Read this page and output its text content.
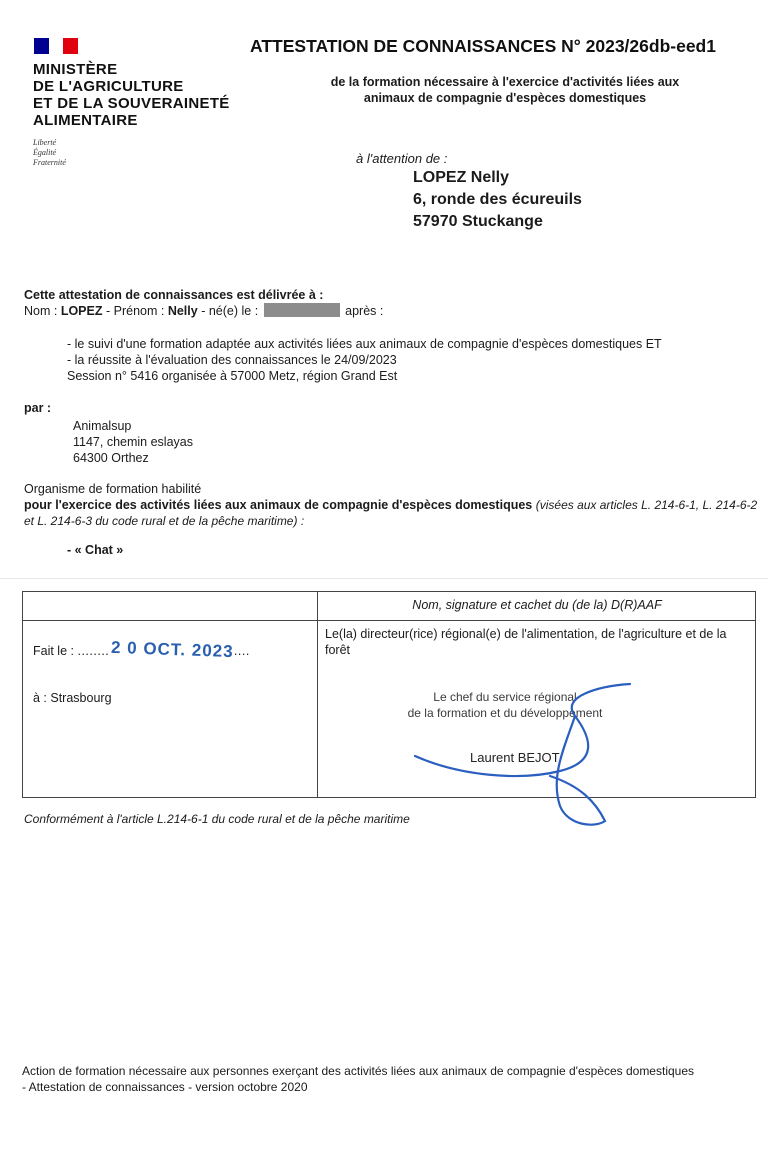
MINISTÈRE
DE L'AGRICULTURE
ET DE LA SOUVERAINETÉ
ALIMENTAIRE
Liberté
Égalité
Fraternité
ATTESTATION DE CONNAISSANCES N° 2023/26db-eed1
de la formation nécessaire à l'exercice d'activités liées aux
animaux de compagnie d'espèces domestiques
à l'attention de :
LOPEZ Nelly
6, ronde des écureuils
57970 Stuckange
Cette attestation de connaissances est délivrée à :
Nom : LOPEZ - Prénom : Nelly - né(e) le :	après :
- le suivi d'une formation adaptée aux activités liées aux animaux de compagnie d'espèces domestiques ET
- la réussite à l'évaluation des connaissances le 24/09/2023
Session n° 5416 organisée à 57000 Metz, région Grand Est
par :
Animalsup
1147, chemin eslayas
64300 Orthez
Organisme de formation habilité
pour l'exercice des activités liées aux animaux de compagnie d'espèces domestiques (visées aux articles L. 214-6-1, L. 214-6-2 et L. 214-6-3 du code rural et de la pêche maritime) :
- « Chat »
Nom, signature et cachet du (de la) D(R)AAF
Fait le : ........ 2 0 OCT. 2023....
à : Strasbourg
Le(la) directeur(rice) régional(e) de l'alimentation, de l'agriculture et de la forêt
Le chef du service régional
de la formation et du développement
Laurent BEJOT
Conformément à l'article L.214-6-1 du code rural et de la pêche maritime
Action de formation nécessaire aux personnes exerçant des activités liées aux animaux de compagnie d'espèces domestiques
- Attestation de connaissances - version octobre 2020
